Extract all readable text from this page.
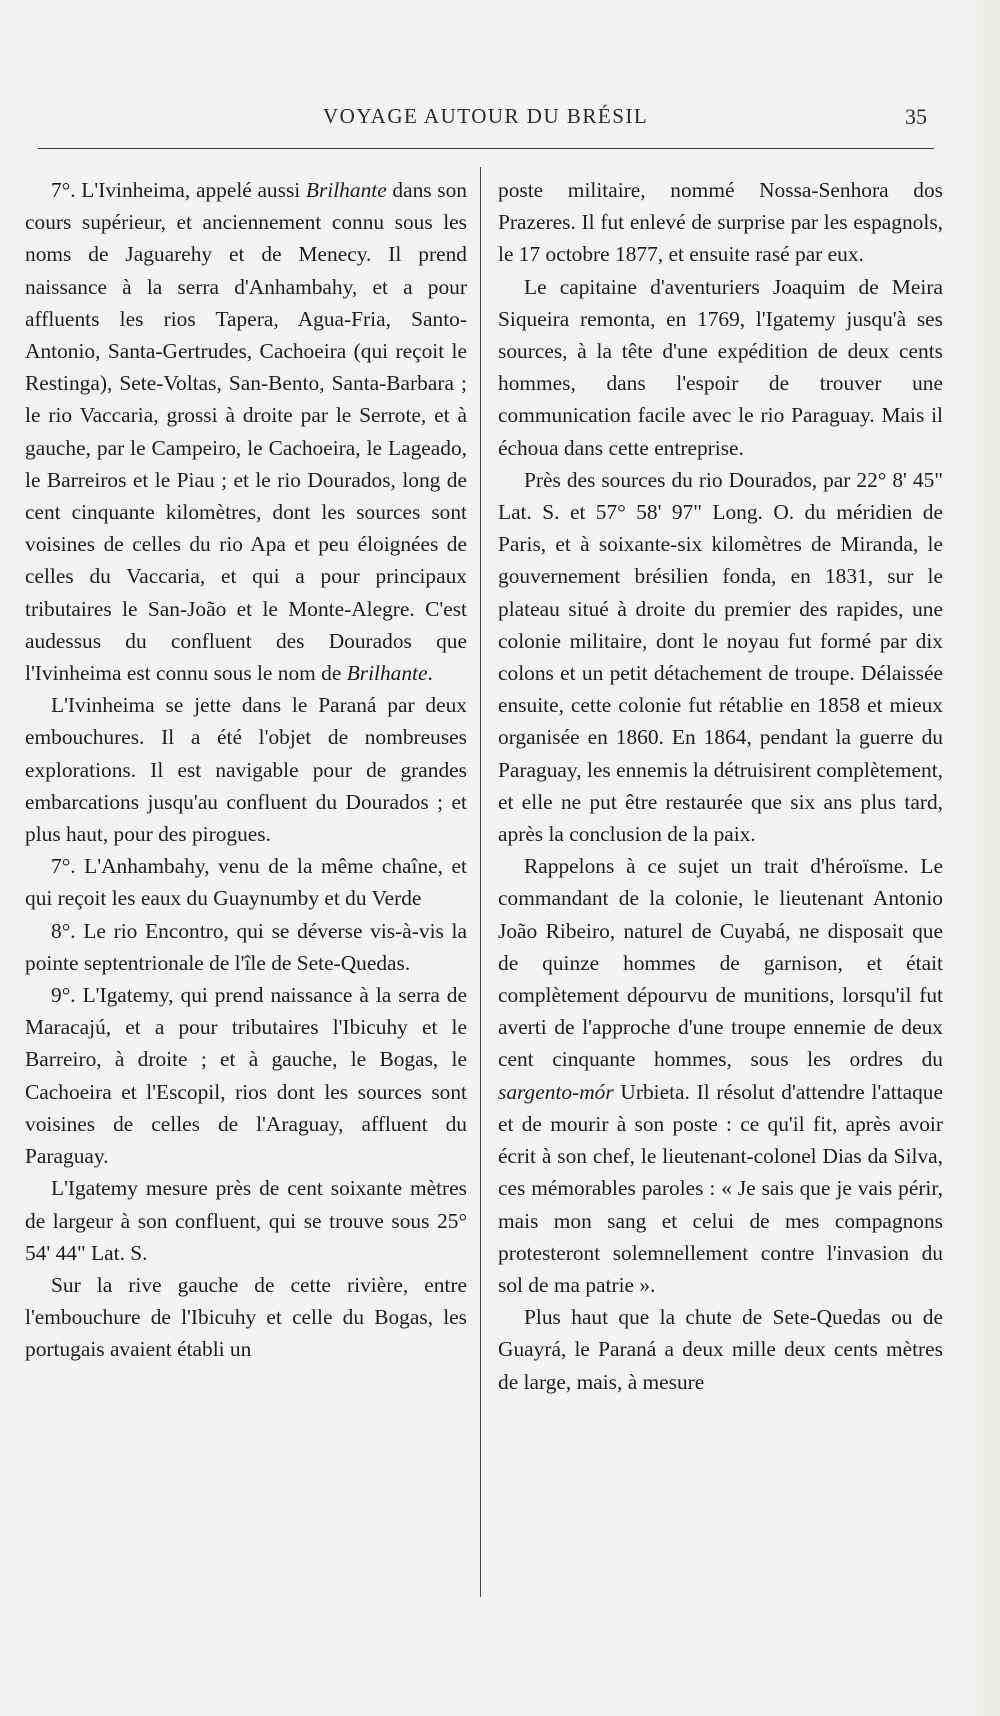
VOYAGE AUTOUR DU BRÉSIL	35

7°. L'Ivinheima, appelé aussi Brilhante dans son cours supérieur, et anciennement connu sous les noms de Jaguarehy et de Menecy. Il prend naissance à la serra d'Anhambahy, et a pour affluents les rios Tapera, Agua-Fria, Santo-Antonio, Santa-Gertrudes, Cachoeira (qui reçoit le Restinga), Sete-Voltas, San-Bento, Santa-Barbara ; le rio Vaccaria, grossi à droite par le Serrote, et à gauche, par le Campeiro, le Cachoeira, le Lageado, le Barreiros et le Piau ; et le rio Dourados, long de cent cinquante kilomètres, dont les sources sont voisines de celles du rio Apa et peu éloignées de celles du Vaccaria, et qui a pour principaux tributaires le San-João et le Monte-Alegre. C'est audessus du confluent des Dourados que l'Ivinheima est connu sous le nom de Brilhante.

L'Ivinheima se jette dans le Paraná par deux embouchures. Il a été l'objet de nombreuses explorations. Il est navigable pour de grandes embarcations jusqu'au confluent du Dourados ; et plus haut, pour des pirogues.

7°. L'Anhambahy, venu de la même chaîne, et qui reçoit les eaux du Guaynumby et du Verde

8°. Le rio Encontro, qui se déverse vis-à-vis la pointe septentrionale de l'île de Sete-Quedas.

9°. L'Igatemy, qui prend naissance à la serra de Maracajú, et a pour tributaires l'Ibicuhy et le Barreiro, à droite ; et à gauche, le Bogas, le Cachoeira et l'Escopil, rios dont les sources sont voisines de celles de l'Araguay, affluent du Paraguay.

L'Igatemy mesure près de cent soixante mètres de largeur à son confluent, qui se trouve sous 25° 54' 44" Lat. S.

Sur la rive gauche de cette rivière, entre l'embouchure de l'Ibicuhy et celle du Bogas, les portugais avaient établi un

poste militaire, nommé Nossa-Senhora dos Prazeres. Il fut enlevé de surprise par les espagnols, le 17 octobre 1877, et ensuite rasé par eux.

Le capitaine d'aventuriers Joaquim de Meira Siqueira remonta, en 1769, l'Igatemy jusqu'à ses sources, à la tête d'une expédition de deux cents hommes, dans l'espoir de trouver une communication facile avec le rio Paraguay. Mais il échoua dans cette entreprise.

Près des sources du rio Dourados, par 22° 8' 45" Lat. S. et 57° 58' 97" Long. O. du méridien de Paris, et à soixante-six kilomètres de Miranda, le gouvernement brésilien fonda, en 1831, sur le plateau situé à droite du premier des rapides, une colonie militaire, dont le noyau fut formé par dix colons et un petit détachement de troupe. Délaissée ensuite, cette colonie fut rétablie en 1858 et mieux organisée en 1860. En 1864, pendant la guerre du Paraguay, les ennemis la détruisirent complètement, et elle ne put être restaurée que six ans plus tard, après la conclusion de la paix.

Rappelons à ce sujet un trait d'héroïsme. Le commandant de la colonie, le lieutenant Antonio João Ribeiro, naturel de Cuyabá, ne disposait que de quinze hommes de garnison, et était complètement dépourvu de munitions, lorsqu'il fut averti de l'approche d'une troupe ennemie de deux cent cinquante hommes, sous les ordres du sargento-mór Urbieta. Il résolut d'attendre l'attaque et de mourir à son poste : ce qu'il fit, après avoir écrit à son chef, le lieutenant-colonel Dias da Silva, ces mémorables paroles : « Je sais que je vais périr, mais mon sang et celui de mes compagnons protesteront solemnellement contre l'invasion du sol de ma patrie ».

Plus haut que la chute de Sete-Quedas ou de Guayrá, le Paraná a deux mille deux cents mètres de large, mais, à mesure
